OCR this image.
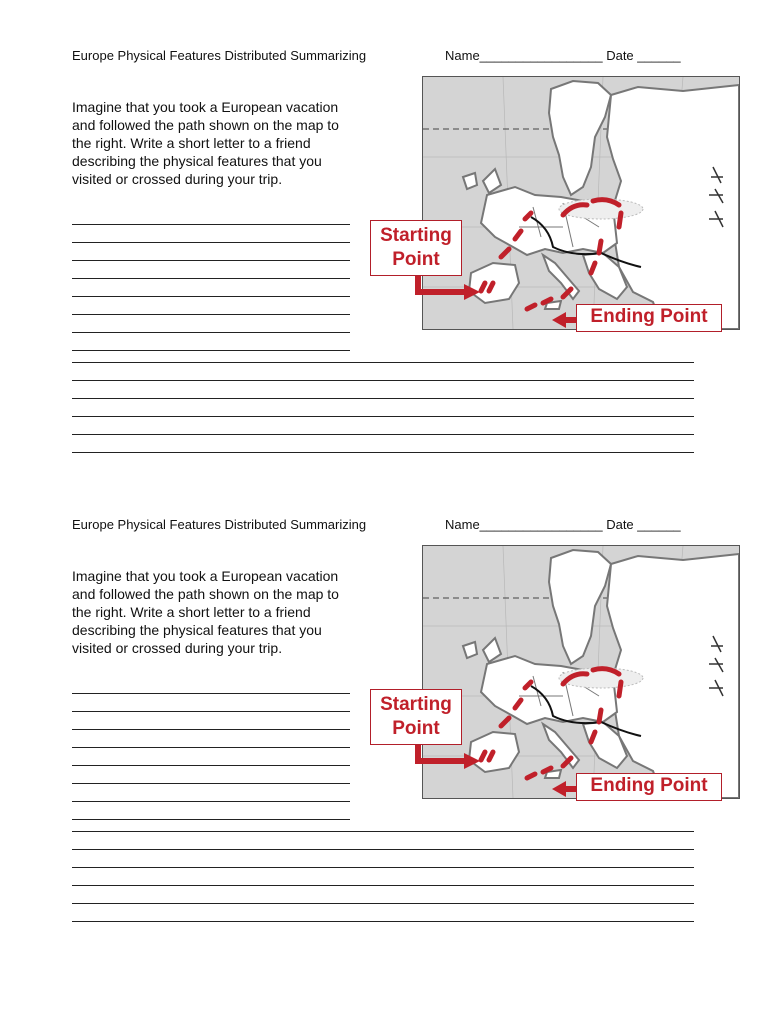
Europe Physical Features Distributed Summarizing	Name_________________ Date ______
Imagine that you took a European vacation and followed the path shown on the map to the right. Write a short letter to a friend describing the physical features that you visited or crossed during your trip.
Starting Point
Ending Point
Europe Physical Features Distributed Summarizing	Name_________________ Date ______
Imagine that you took a European vacation and followed the path shown on the map to the right. Write a short letter to a friend describing the physical features that you visited or crossed during your trip.
Starting Point
Ending Point
